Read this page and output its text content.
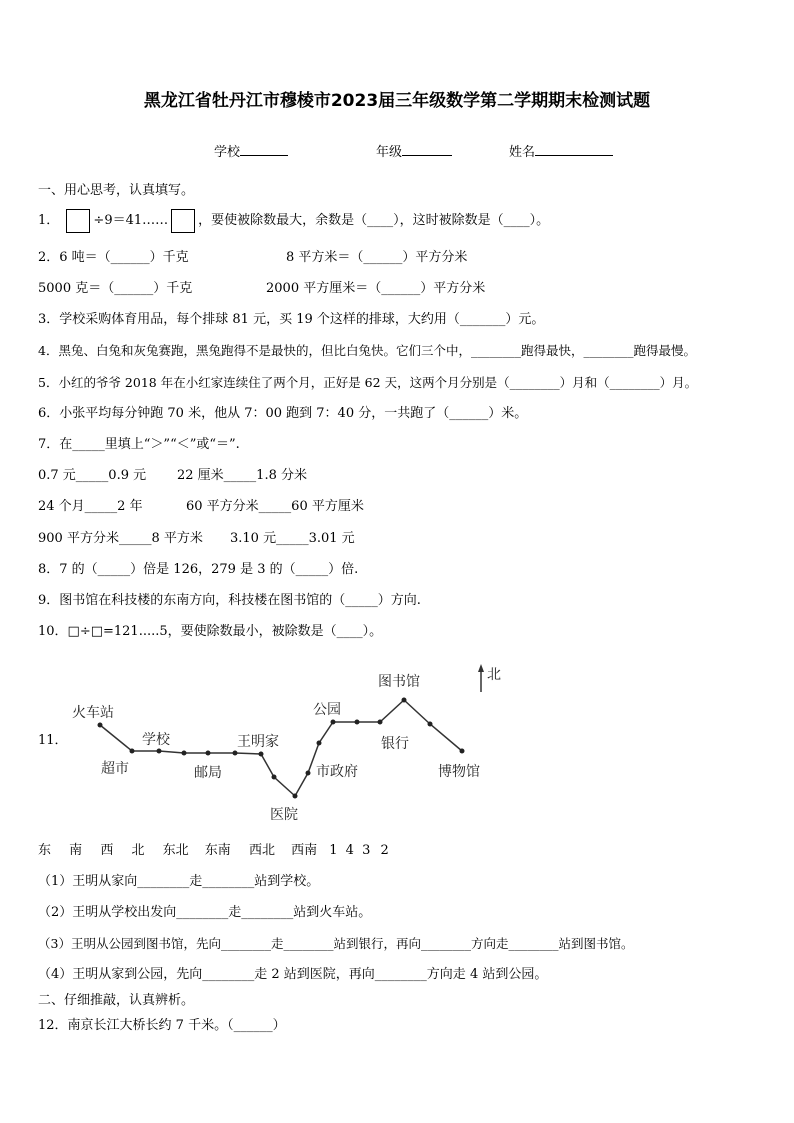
黑龙江省牡丹江市穆棱市2023届三年级数学第二学期期末检测试题
学校	年级	姓名
一、用心思考，认真填写。
1．	÷9＝41…… ，要使被除数最大，余数是（____），这时被除数是（____）。
2．6 吨＝（______）千克	8 平方米＝（______）平方分米
5000 克＝（______）千克	2000 平方厘米＝（______）平方分米
3．学校采购体育用品，每个排球 81 元，买 19 个这样的排球，大约用（_______）元。
4．黑兔、白兔和灰兔赛跑，黑兔跑得不是最快的，但比白兔快。它们三个中，________跑得最快，________跑得最慢。
5．小红的爷爷 2018 年在小红家连续住了两个月，正好是 62 天，这两个月分别是（________）月和（________）月。
6．小张平均每分钟跑 70 米，他从 7：00 跑到 7：40 分，一共跑了（______）米。
7．在_____里填上“＞”“＜”或“＝”.
0.7 元_____0.9 元 22 厘米_____1.8 分米
24 个月_____2 年	60 平方分米_____60 平方厘米
900 平方分米_____8 平方米 3.10 元_____3.01 元
8．7 的（_____）倍是 126，279 是 3 的（_____）倍.
9．图书馆在科技楼的东南方向，科技楼在图书馆的（_____）方向.
10．□÷□=121.....5，要使除数最小，被除数是（____）。
11．
北
火车站
超市
学校
邮局
王明家
医院
市政府
公园
银行
图书馆
博物馆
东 南 西 北 东北 东南 西北 西南 1 4 3 2
（1）王明从家向________走________站到学校。
（2）王明从学校出发向________走________站到火车站。
（3）王明从公园到图书馆，先向________走________站到银行，再向________方向走________站到图书馆。
（4）王明从家到公园，先向________走 2 站到医院，再向________方向走 4 站到公园。
二、仔细推敲，认真辨析。
12．南京长江大桥长约 7 千米。（______）
